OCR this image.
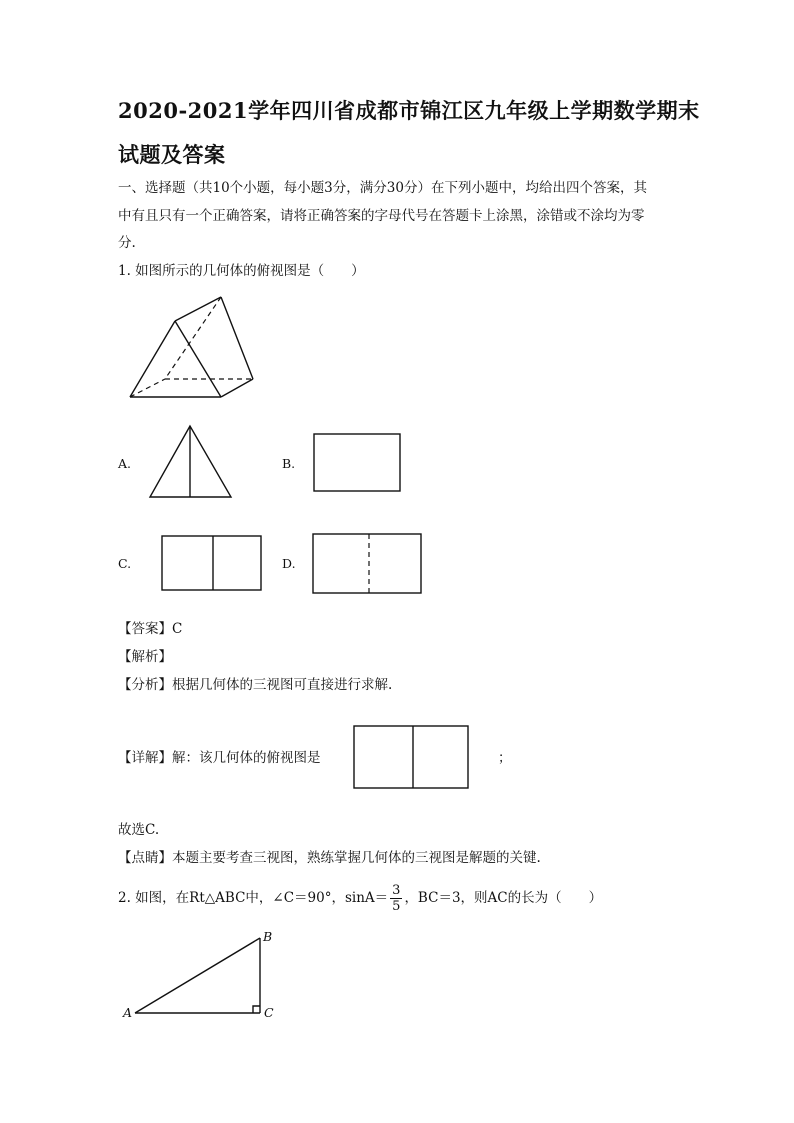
2020-2021学年四川省成都市锦江区九年级上学期数学期末
试题及答案
一、选择题（共10个小题，每小题3分，满分30分）在下列小题中，均给出四个答案，其
中有且只有一个正确答案，请将正确答案的字母代号在答题卡上涂黑，涂错或不涂均为零
分.
1. 如图所示的几何体的俯视图是（　　）
A.	B.
C.	D.
【答案】C
【解析】
【分析】根据几何体的三视图可直接进行求解.
【详解】解：该几何体的俯视图是	；
故选C.
【点睛】本题主要考查三视图，熟练掌握几何体的三视图是解题的关键.
2. 如图，在Rt△ABC中，∠C＝90°，$\sin A= \frac{3}{5}$ ，BC＝3，则AC的长为（　　）
A
B
C
